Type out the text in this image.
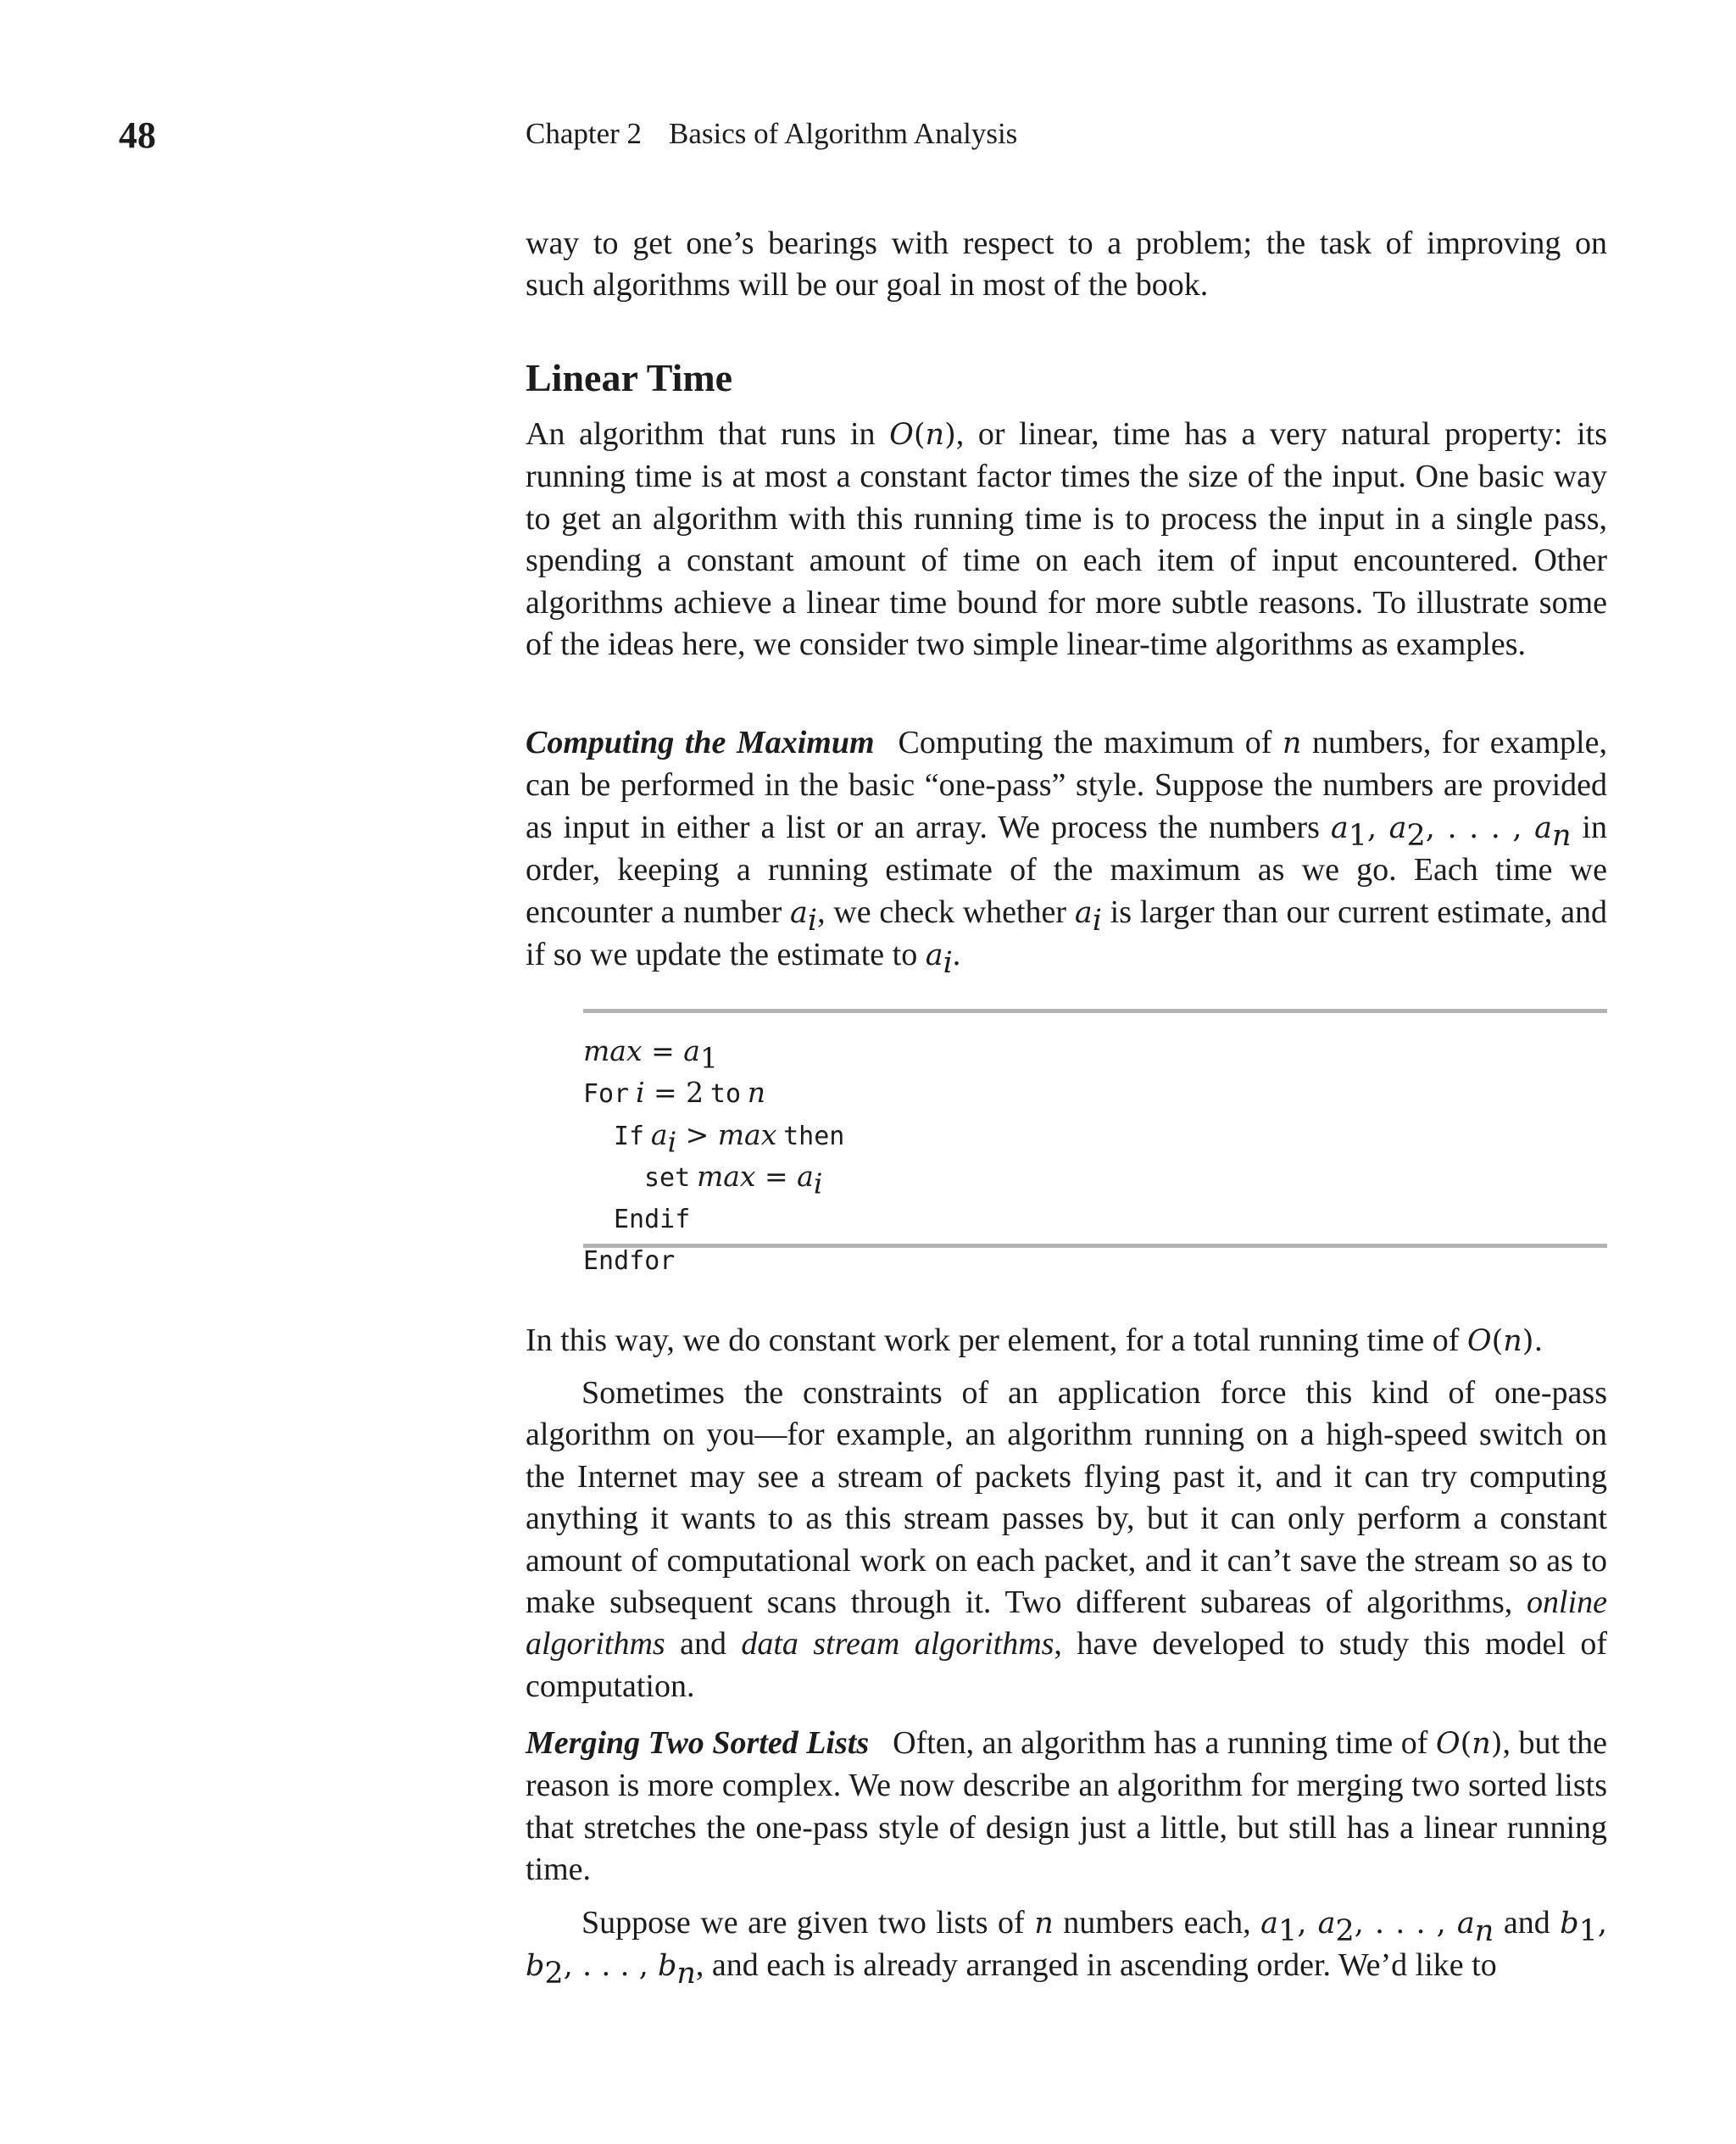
48	Chapter 2 Basics of Algorithm Analysis

way to get one’s bearings with respect to a problem; the task of improving on

such algorithms will be our goal in most of the book.

Linear Time

An algorithm that runs in O(n), or linear, time has a very natural property: its running time is at most a constant factor times the size of the input. One basic way to get an algorithm with this running time is to process the input in a single pass, spending a constant amount of time on each item of input encountered. Other algorithms achieve a linear time bound for more subtle reasons. To illustrate some of the ideas here, we consider two simple linear-time algorithms as examples.

Computing the Maximum Computing the maximum of n numbers, for example, can be performed in the basic “one-pass” style. Suppose the numbers are provided as input in either a list or an array. We process the numbers $a_1$, $a_2$, . . . , $a_n$ in order, keeping a running estimate of the maximum as we go. Each time we encounter a number $a_i$, we check whether $a_i$ is larger than our current estimate, and if so we update the estimate to $a_i$.

$\max = a_1$
For i = 2 to n
If $a_i > \max$ then
set $\max = a_i$
Endif
Endfor

In this way, we do constant work per element, for a total running time of O(n).

Sometimes the constraints of an application force this kind of one-pass algorithm on you—for example, an algorithm running on a high-speed switch on the Internet may see a stream of packets flying past it, and it can try computing anything it wants to as this stream passes by, but it can only perform a constant amount of computational work on each packet, and it can’t save the stream so as to make subsequent scans through it. Two different subareas of algorithms, online algorithms and data stream algorithms, have developed to study this model of computation.

Merging Two Sorted Lists Often, an algorithm has a running time of O(n), but the reason is more complex. We now describe an algorithm for merging two sorted lists that stretches the one-pass style of design just a little, but still has a linear running time.

Suppose we are given two lists of n numbers each, $a_1$, $a_2$, . . . , $a_n$ and $b_1$, $b_2$, . . . , $b_n$, and each is already arranged in ascending order. We’d like to
